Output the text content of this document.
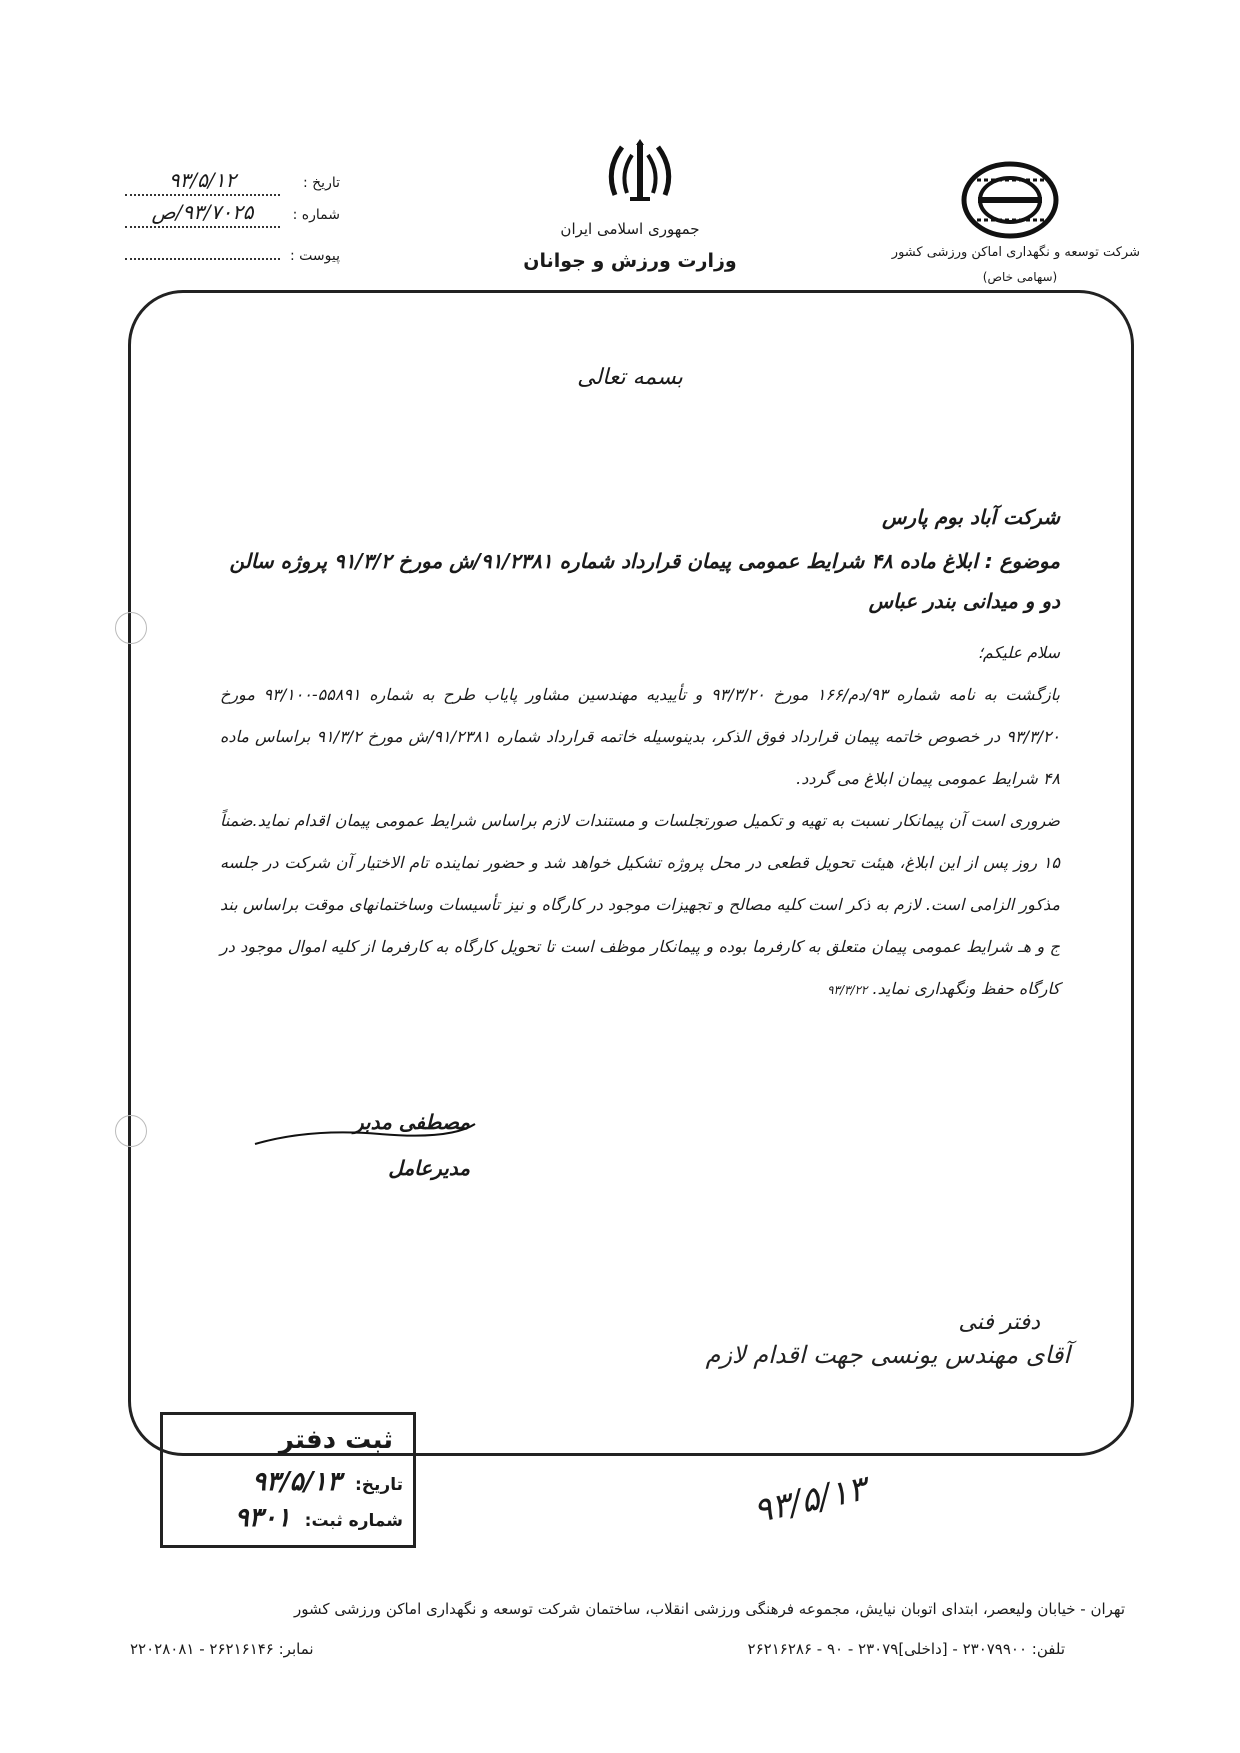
شرکت توسعه و نگهداری اماکن ورزشی کشور
(سهامی خاص)
جمهوری اسلامی ایران
وزارت ورزش و جوانان
تاریخ :
۹۳/۵/۱۲
شماره :
۹۳/۷۰۲۵/ص
پیوست :
بسمه تعالی
شرکت آباد بوم پارس
موضوع : ابلاغ ماده ۴۸ شرایط عمومی پیمان قرارداد شماره ۹۱/۲۳۸۱/ش مورخ ۹۱/۳/۲ پروژه سالن دو و میدانی بندر عباس
سلام علیکم؛

بازگشت به نامه شماره ۹۳/دم/۱۶۶ مورخ ۹۳/۳/۲۰ و تأییدیه مهندسین مشاور پایاب طرح به شماره ۵۵۸۹۱-۹۳/۱۰۰ مورخ ۹۳/۳/۲۰ در خصوص خاتمه پیمان قرارداد فوق الذکر، بدینوسیله خاتمه قرارداد شماره ۹۱/۲۳۸۱/ش مورخ ۹۱/۳/۲ براساس ماده ۴۸ شرایط عمومی پیمان ابلاغ می گردد.

ضروری است آن پیمانکار نسبت به تهیه و تکمیل صورتجلسات و مستندات لازم براساس شرایط عمومی پیمان اقدام نماید.ضمناً ۱۵ روز پس از این ابلاغ، هیئت تحویل قطعی در محل پروژه تشکیل خواهد شد و حضور نماینده تام الاختیار آن شرکت در جلسه مذکور الزامی است. لازم به ذکر است کلیه مصالح و تجهیزات موجود در کارگاه و نیز تأسیسات وساختمانهای موقت براساس بند ج و هـ شرایط عمومی پیمان متعلق به کارفرما بوده و پیمانکار موظف است تا تحویل کارگاه به کارفرما از کلیه اموال موجود در کارگاه حفظ ونگهداری نماید. ۹۳/۳/۲۲

مصطفی مدبر
مدیرعامل
دفتر فنی
آقای مهندس یونسی جهت اقدام لازم
۹۳/۵/۱۳
ثبت دفتر
تاریخ:
۹۳/۵/۱۳
شماره ثبت:
۹۳۰۱
تهران - خیابان ولیعصر، ابتدای اتوبان نیایش، مجموعه فرهنگی ورزشی انقلاب، ساختمان شرکت توسعه و نگهداری اماکن ورزشی کشور
تلفن: ۲۳۰۷۹۹۰۰ - [داخلی]۲۳۰۷۹ - ۹۰ - ۲۶۲۱۶۲۸۶
نمابر: ۲۶۲۱۶۱۴۶ - ۲۲۰۲۸۰۸۱
